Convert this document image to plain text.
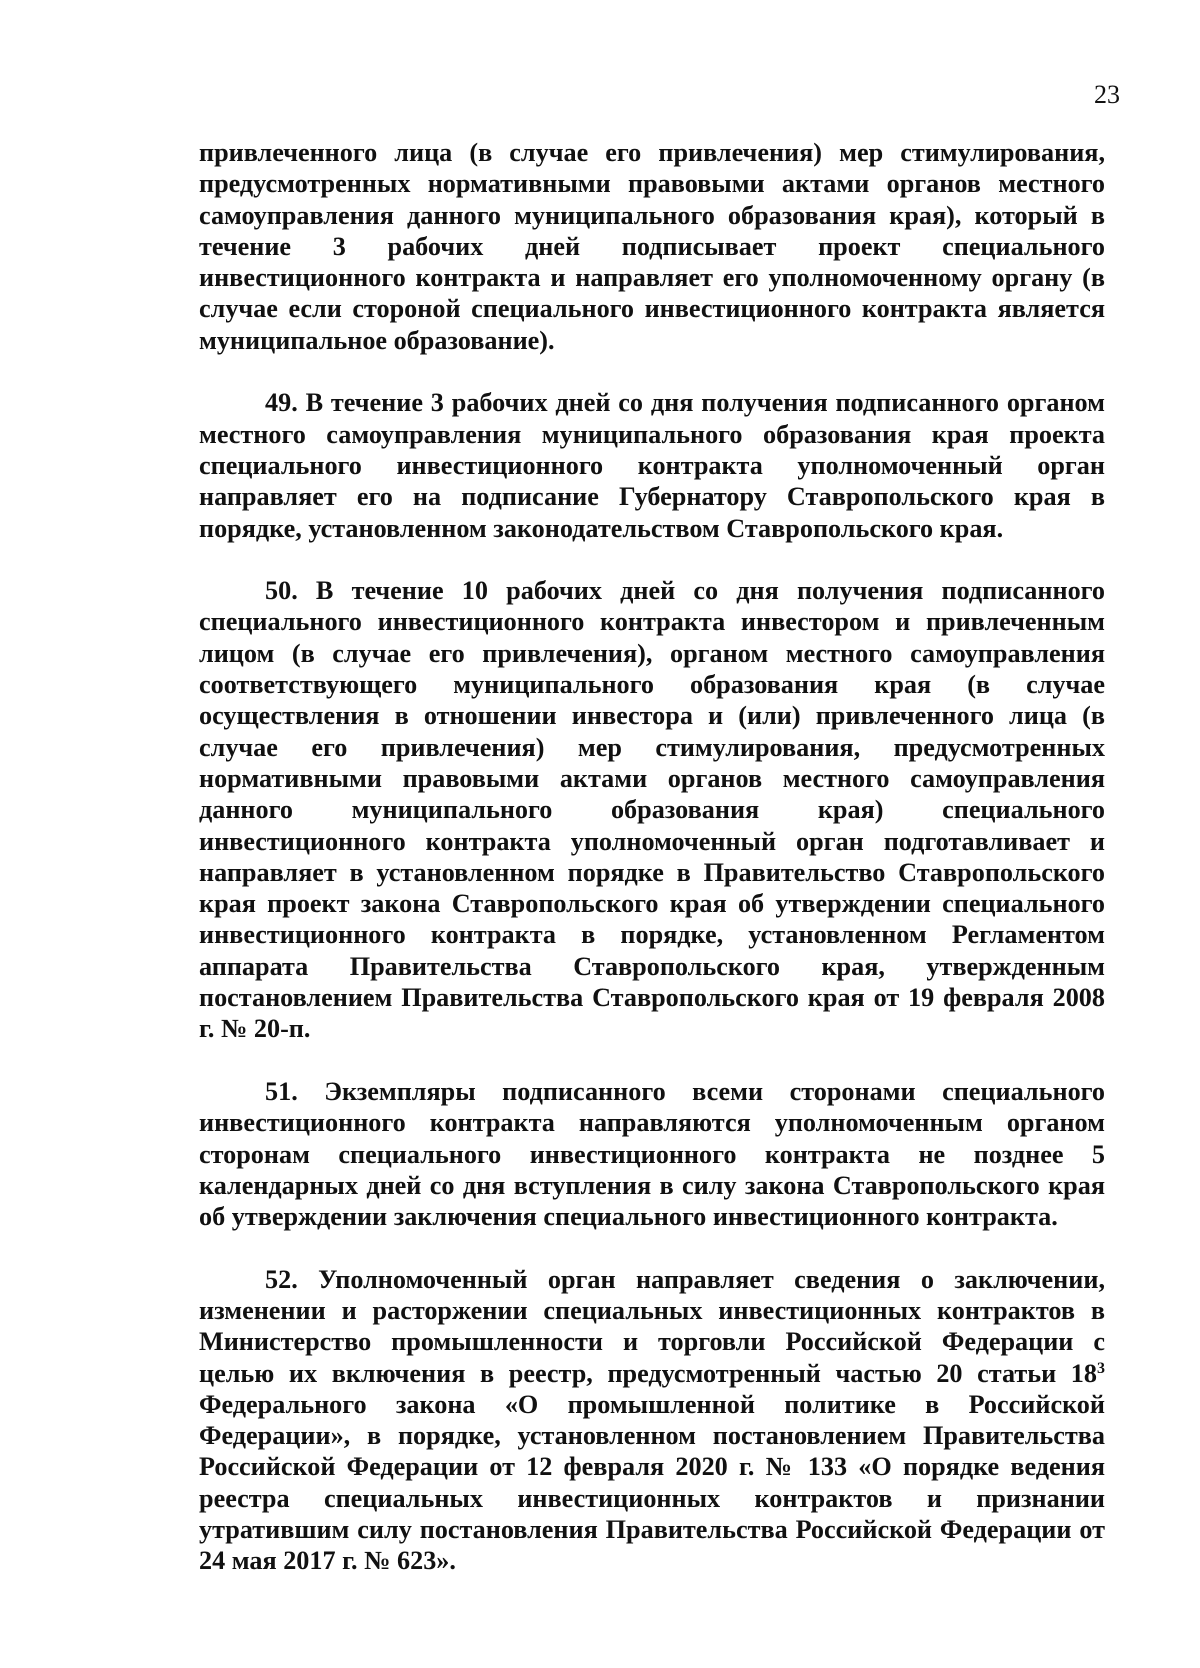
23

привлеченного лица (в случае его привлечения) мер стимулирования, предусмотренных нормативными правовыми актами органов местного самоуправления данного муниципального образования края), который в течение 3 рабочих дней подписывает проект специального инвестиционного контракта и направляет его уполномоченному органу (в случае если стороной специального инвестиционного контракта является муниципальное образование).

49. В течение 3 рабочих дней со дня получения подписанного органом местного самоуправления муниципального образования края проекта специального инвестиционного контракта уполномоченный орган направляет его на подписание Губернатору Ставропольского края в порядке, установленном законодательством Ставропольского края.

50. В течение 10 рабочих дней со дня получения подписанного специального инвестиционного контракта инвестором и привлеченным лицом (в случае его привлечения), органом местного самоуправления соответствующего муниципального образования края (в случае осуществления в отношении инвестора и (или) привлеченного лица (в случае его привлечения) мер стимулирования, предусмотренных нормативными правовыми актами органов местного самоуправления данного муниципального образования края) специального инвестиционного контракта уполномоченный орган подготавливает и направляет в установленном порядке в Правительство Ставропольского края проект закона Ставропольского края об утверждении специального инвестиционного контракта в порядке, установленном Регламентом аппарата Правительства Ставропольского края, утвержденным постановлением Правительства Ставропольского края от 19 февраля 2008 г. № 20-п.

51. Экземпляры подписанного всеми сторонами специального инвестиционного контракта направляются уполномоченным органом сторонам специального инвестиционного контракта не позднее 5 календарных дней со дня вступления в силу закона Ставропольского края об утверждении заключения специального инвестиционного контракта.

52. Уполномоченный орган направляет сведения о заключении, изменении и расторжении специальных инвестиционных контрактов в Министерство промышленности и торговли Российской Федерации с целью их включения в реестр, предусмотренный частью 20 статьи $18^3$ Федерального закона «О промышленной политике в Российской Федерации», в порядке, установленном постановлением Правительства Российской Федерации от 12 февраля 2020 г. № 133 «О порядке ведения реестра специальных инвестиционных контрактов и признании утратившим силу постановления Правительства Российской Федерации от 24 мая 2017 г. № 623».
